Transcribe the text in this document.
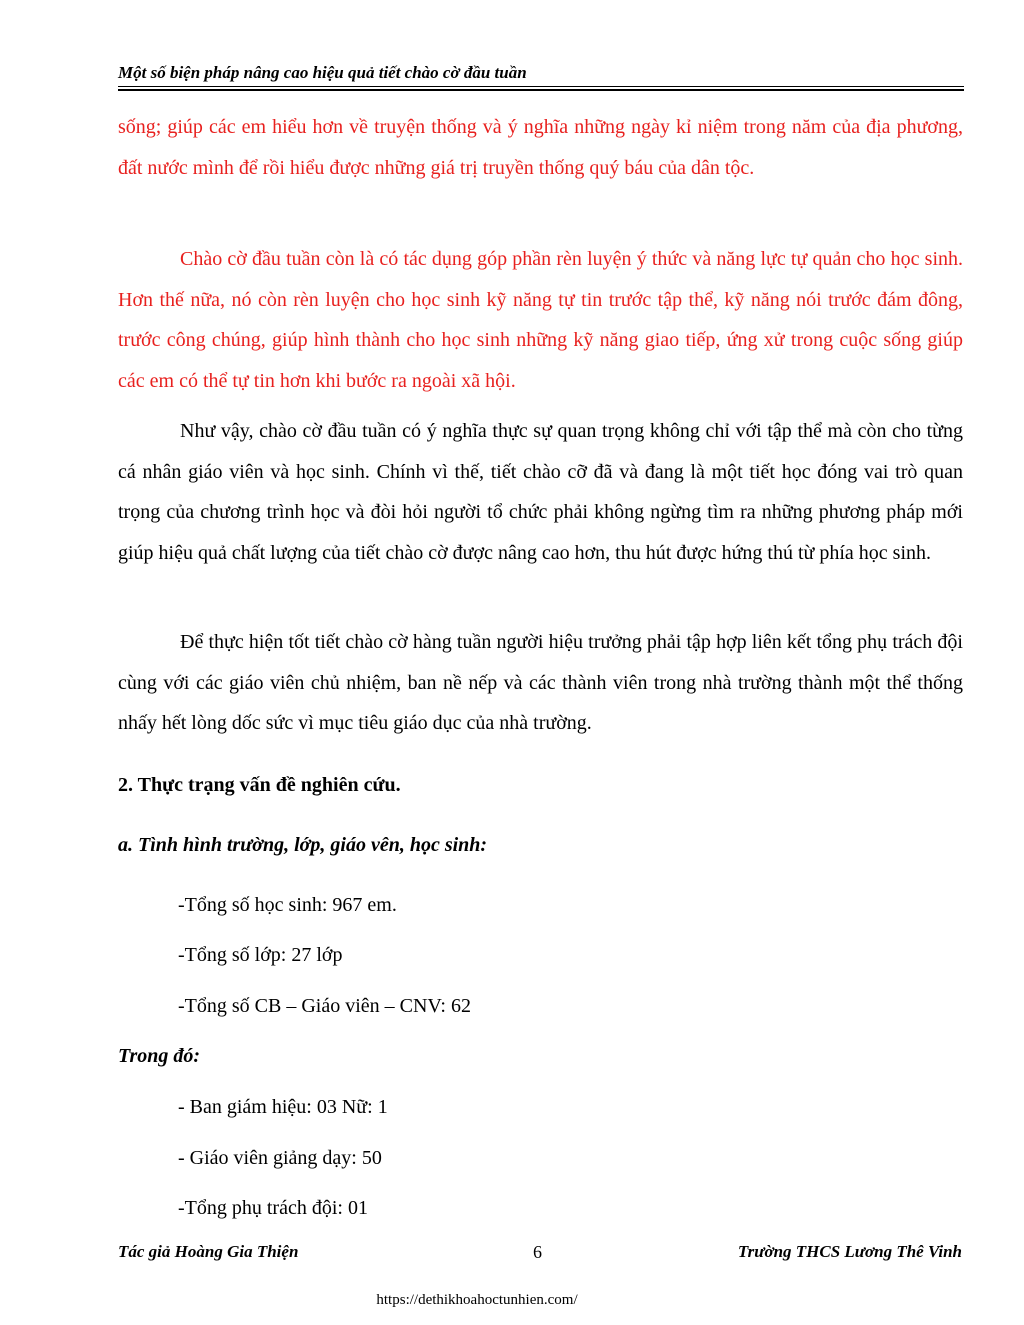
Một số biện pháp nâng cao hiệu quả tiết chào cờ đầu tuần

sống; giúp các em hiểu hơn về truyện thống và ý nghĩa những ngày kỉ niệm trong năm của địa phương, đất nước mình để rồi hiểu được những giá trị truyền thống quý báu của dân tộc.

Chào cờ đầu tuần còn là có tác dụng góp phần rèn luyện ý thức và năng lực tự quản cho học sinh. Hơn thế nữa, nó còn rèn luyện cho học sinh kỹ năng tự tin trước tập thể, kỹ năng nói trước đám đông, trước công chúng, giúp hình thành cho học sinh những kỹ năng giao tiếp, ứng xử trong cuộc sống giúp các em có thể tự tin hơn khi bước ra ngoài xã hội.

Như vậy, chào cờ đầu tuần có ý nghĩa thực sự quan trọng không chỉ với tập thể mà còn cho từng cá nhân giáo viên và học sinh. Chính vì thế, tiết chào cỡ đã và đang là một tiết học đóng vai trò quan trọng của chương trình học và đòi hỏi người tổ chức phải không ngừng tìm ra những phương pháp mới giúp hiệu quả chất lượng của tiết chào cờ được nâng cao hơn, thu hút được hứng thú từ phía học sinh.

Để thực hiện tốt tiết chào cờ hàng tuần người hiệu trưởng phải tập hợp liên kết tổng phụ trách đội cùng với các giáo viên chủ nhiệm, ban nề nếp và các thành viên trong nhà trường thành một thể thống nhấy hết lòng dốc sức vì mục tiêu giáo dục của nhà trường.

2. Thực trạng vấn đề nghiên cứu.
a. Tình hình trường, lớp, giáo vên, học sinh:
-Tổng số học sinh: 967 em.
-Tổng số lớp: 27 lớp
-Tổng số CB – Giáo viên – CNV: 62
Trong đó:
- Ban giám hiệu: 03 Nữ: 1
- Giáo viên giảng dạy: 50
-Tổng phụ trách đội: 01
Tác giả Hoàng Gia Thiện	6	Trường THCS Lương Thê Vinh
https://dethikhoahoctunhien.com/
